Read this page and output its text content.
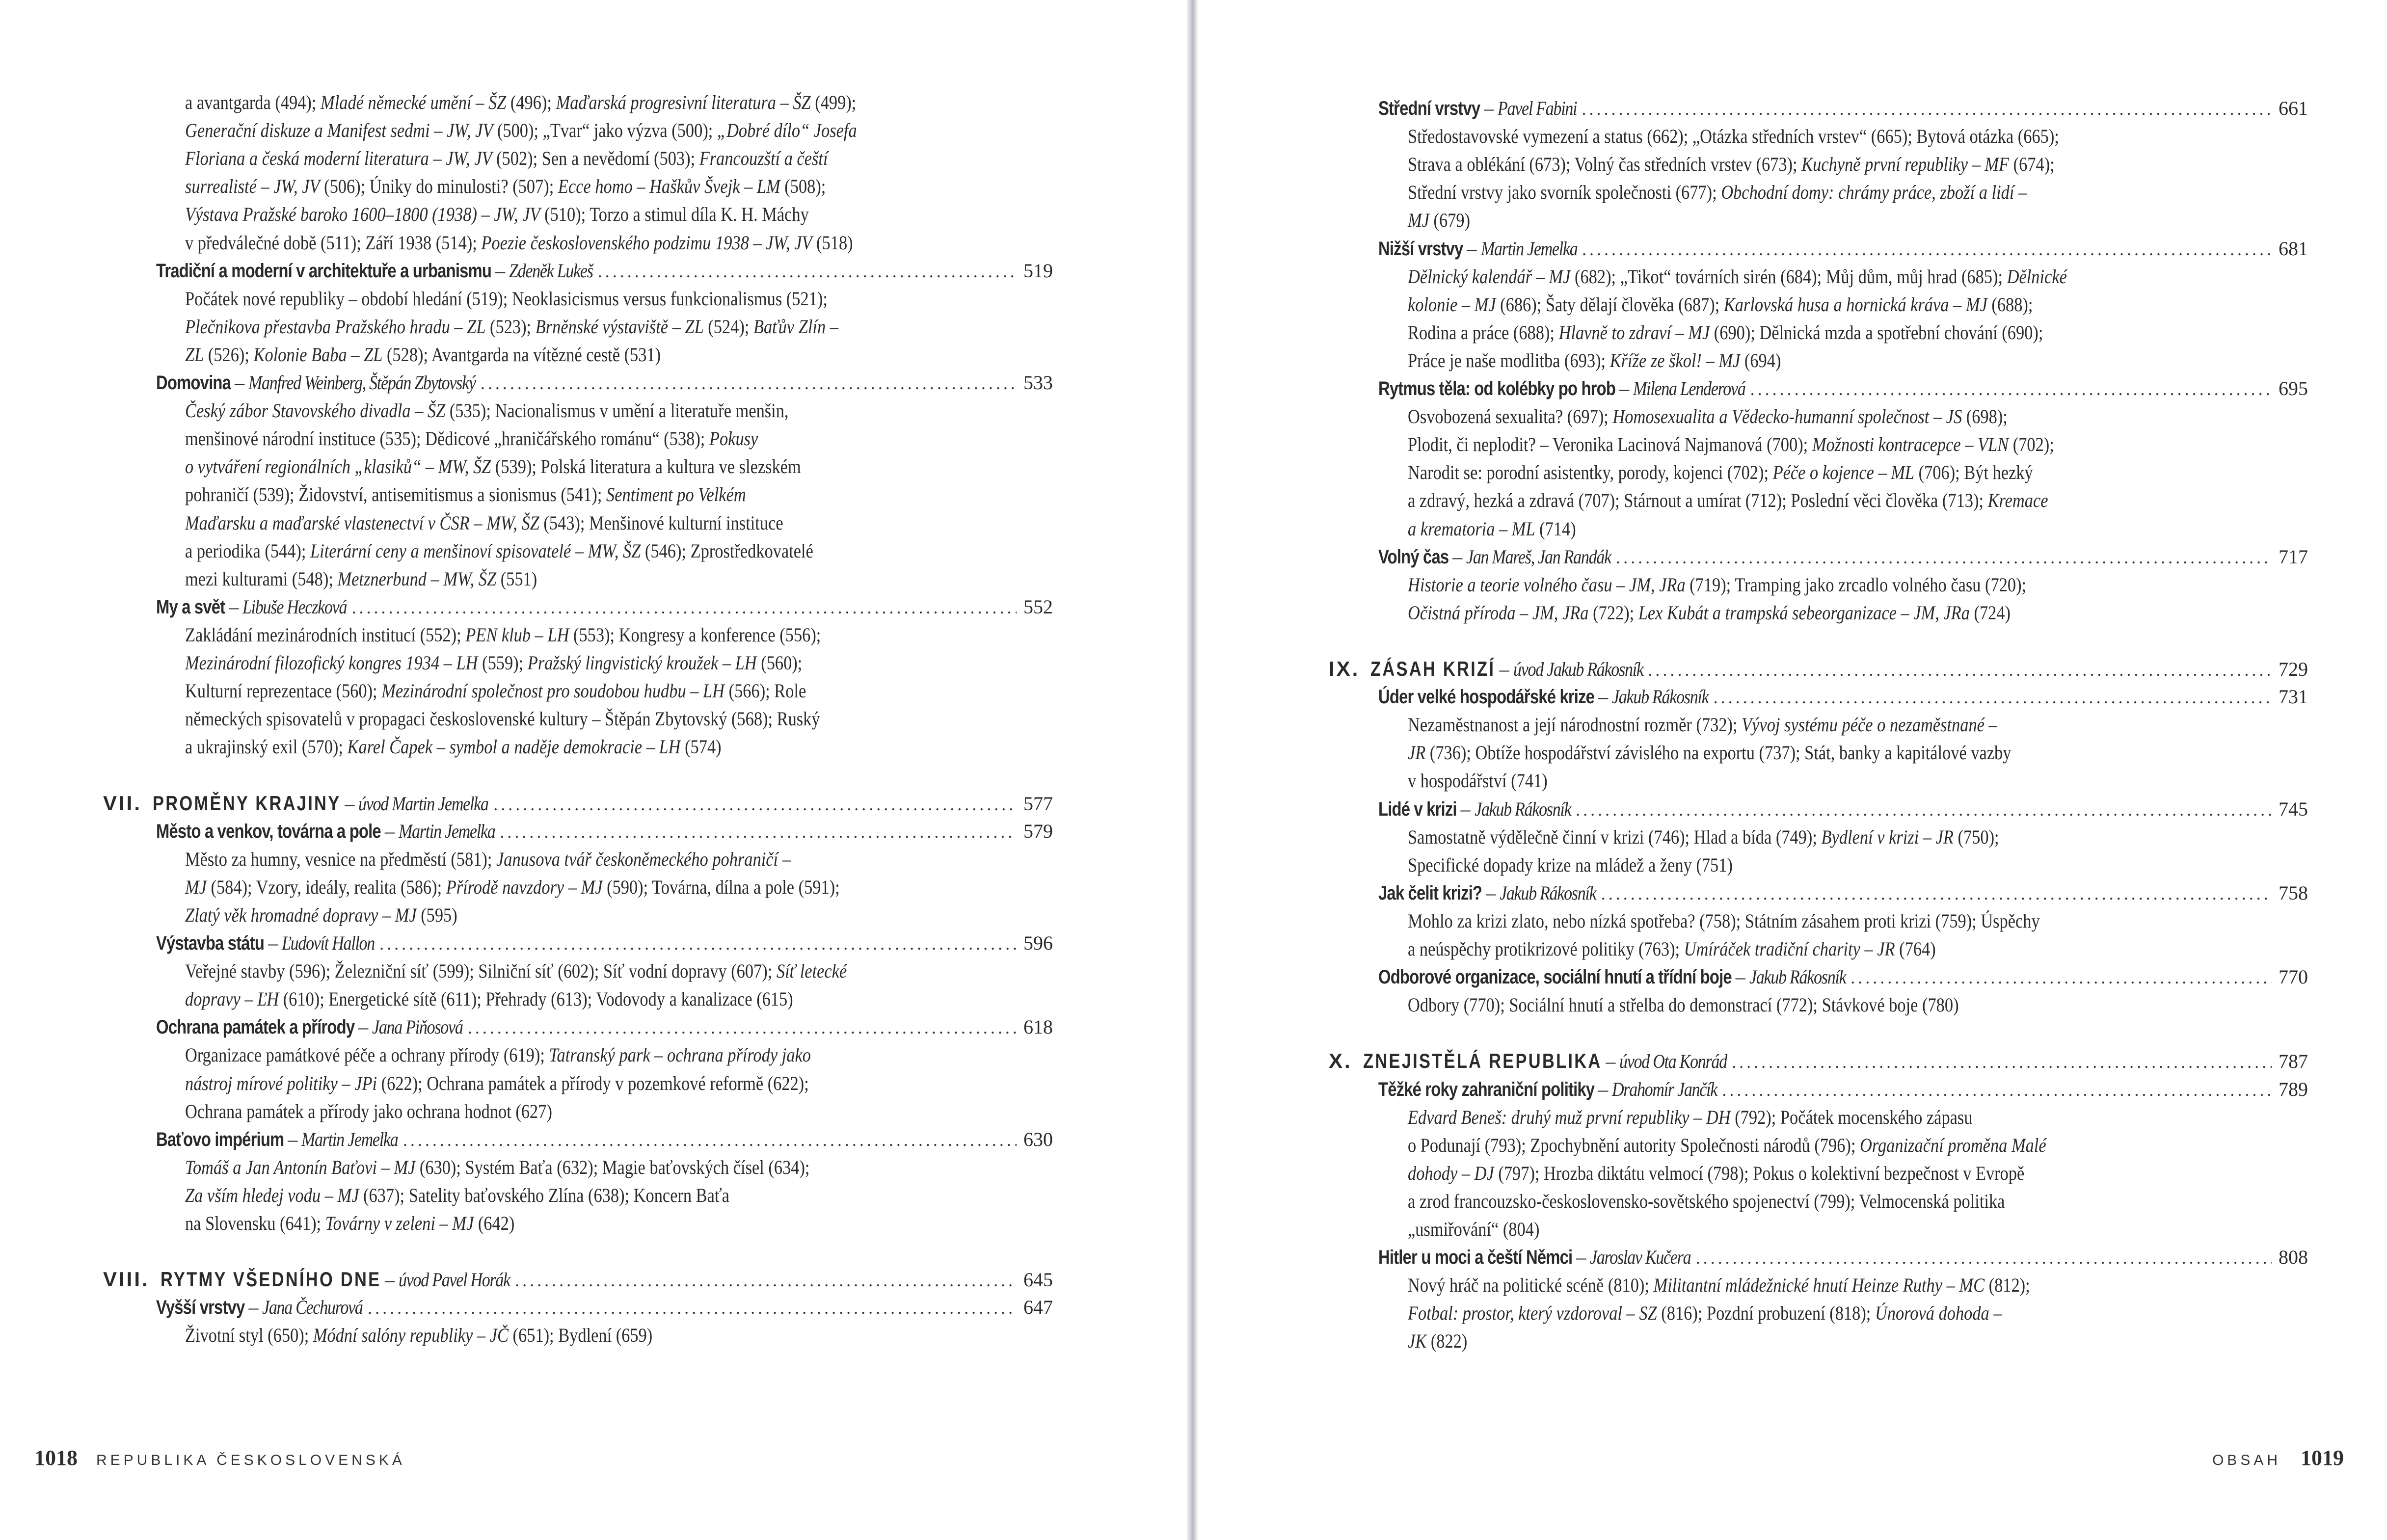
a avantgarda (494); Mladé německé umění – ŠZ (496); Maďarská progresivní literatura – ŠZ (499);
Generační diskuze a Manifest sedmi – JW, JV (500); „Tvar“ jako výzva (500); „Dobré dílo“ Josefa
Floriana a česká moderní literatura – JW, JV (502); Sen a nevědomí (503); Francouzští a čeští
surrealisté – JW, JV (506); Úniky do minulosti? (507); Ecce homo – Haškův Švejk – LM (508);
Výstava Pražské baroko 1600–1800 (1938) – JW, JV (510); Torzo a stimul díla K. H. Máchy
v předválečné době (511); Září 1938 (514); Poezie československého podzimu 1938 – JW, JV (518)
Tradiční a moderní v architektuře a urbanismu – Zdeněk Lukeš .....	519
Počátek nové republiky – období hledání (519); Neoklasicismus versus funkcionalismus (521);
Plečnikova přestavba Pražského hradu – ZL (523); Brněnské výstaviště – ZL (524); Baťův Zlín –
ZL (526); Kolonie Baba – ZL (528); Avantgarda na vítězné cestě (531)
Domovina – Manfred Weinberg, Štěpán Zbytovský .....	533
Český zábor Stavovského divadla – ŠZ (535); Nacionalismus v umění a literatuře menšin,
menšinové národní instituce (535); Dědicové „hraničářského románu“ (538); Pokusy
o vytváření regionálních „klasiků“ – MW, ŠZ (539); Polská literatura a kultura ve slezském
pohraničí (539); Židovství, antisemitismus a sionismus (541); Sentiment po Velkém
Maďarsku a maďarské vlastenectví v ČSR – MW, ŠZ (543); Menšinové kulturní instituce
a periodika (544); Literární ceny a menšinoví spisovatelé – MW, ŠZ (546); Zprostředkovatelé
mezi kulturami (548); Metznerbund – MW, ŠZ (551)
My a svět – Libuše Heczková .....	552
Zakládání mezinárodních institucí (552); PEN klub – LH (553); Kongresy a konference (556);
Mezinárodní filozofický kongres 1934 – LH (559); Pražský lingvistický kroužek – LH (560);
Kulturní reprezentace (560); Mezinárodní společnost pro soudobou hudbu – LH (566); Role
německých spisovatelů v propagaci československé kultury – Štěpán Zbytovský (568); Ruský
a ukrajinský exil (570); Karel Čapek – symbol a naděje demokracie – LH (574)
VII. PROMĚNY KRAJINY – úvod Martin Jemelka .....	577
Město a venkov, továrna a pole – Martin Jemelka .....	579
Město za humny, vesnice na předměstí (581); Janusova tvář českoněmeckého pohraničí –
MJ (584); Vzory, ideály, realita (586); Přírodě navzdory – MJ (590); Továrna, dílna a pole (591);
Zlatý věk hromadné dopravy – MJ (595)
Výstavba státu – Ľudovít Hallon .....	596
Veřejné stavby (596); Železniční síť (599); Silniční síť (602); Síť vodní dopravy (607); Síť letecké
dopravy – ĽH (610); Energetické sítě (611); Přehrady (613); Vodovody a kanalizace (615)
Ochrana památek a přírody – Jana Piňosová .....	618
Organizace památkové péče a ochrany přírody (619); Tatranský park – ochrana přírody jako
nástroj mírové politiky – JPi (622); Ochrana památek a přírody v pozemkové reformě (622);
Ochrana památek a přírody jako ochrana hodnot (627)
Baťovo impérium – Martin Jemelka .....	630
Tomáš a Jan Antonín Baťovi – MJ (630); Systém Baťa (632); Magie baťovských čísel (634);
Za vším hledej vodu – MJ (637); Satelity baťovského Zlína (638); Koncern Baťa
na Slovensku (641); Továrny v zeleni – MJ (642)
VIII. RYTMY VŠEDNÍHO DNE – úvod Pavel Horák .....	645
Vyšší vrstvy – Jana Čechurová .....	647
Životní styl (650); Módní salóny republiky – JČ (651); Bydlení (659)
1018 REPUBLIKA ČESKOSLOVENSKÁ
Střední vrstvy – Pavel Fabini .....	661
Středostavovské vymezení a status (662); „Otázka středních vrstev“ (665); Bytová otázka (665);
Strava a oblékání (673); Volný čas středních vrstev (673); Kuchyně první republiky – MF (674);
Střední vrstvy jako svorník společnosti (677); Obchodní domy: chrámy práce, zboží a lidí –
MJ (679)
Nižší vrstvy – Martin Jemelka .....	681
Dělnický kalendář – MJ (682); „Tikot“ továrních sirén (684); Můj dům, můj hrad (685); Dělnické
kolonie – MJ (686); Šaty dělají člověka (687); Karlovská husa a hornická kráva – MJ (688);
Rodina a práce (688); Hlavně to zdraví – MJ (690); Dělnická mzda a spotřební chování (690);
Práce je naše modlitba (693); Kříže ze škol! – MJ (694)
Rytmus těla: od kolébky po hrob – Milena Lenderová .....	695
Osvobozená sexualita? (697); Homosexualita a Vědecko-humanní společnost – JS (698);
Plodit, či neplodit? – Veronika Lacinová Najmanová (700); Možnosti kontracepce – VLN (702);
Narodit se: porodní asistentky, porody, kojenci (702); Péče o kojence – ML (706); Být hezký
a zdravý, hezká a zdravá (707); Stárnout a umírat (712); Poslední věci člověka (713); Kremace
a krematoria – ML (714)
Volný čas – Jan Mareš, Jan Randák .....	717
Historie a teorie volného času – JM, JRa (719); Tramping jako zrcadlo volného času (720);
Očistná příroda – JM, JRa (722); Lex Kubát a trampská sebeorganizace – JM, JRa (724)
IX. ZÁSAH KRIZÍ – úvod Jakub Rákosník .....	729
Úder velké hospodářské krize – Jakub Rákosník .....	731
Nezaměstnanost a její národnostní rozměr (732); Vývoj systému péče o nezaměstnané –
JR (736); Obtíže hospodářství závislého na exportu (737); Stát, banky a kapitálové vazby
v hospodářství (741)
Lidé v krizi – Jakub Rákosník .....	745
Samostatně výdělečně činní v krizi (746); Hlad a bída (749); Bydlení v krizi – JR (750);
Specifické dopady krize na mládež a ženy (751)
Jak čelit krizi? – Jakub Rákosník .....	758
Mohlo za krizi zlato, nebo nízká spotřeba? (758); Státním zásahem proti krizi (759); Úspěchy
a neúspěchy protikrizové politiky (763); Umíráček tradiční charity – JR (764)
Odborové organizace, sociální hnutí a třídní boje – Jakub Rákosník .....	770
Odbory (770); Sociální hnutí a střelba do demonstrací (772); Stávkové boje (780)
X. ZNEJISTĚLÁ REPUBLIKA – úvod Ota Konrád .....	787
Těžké roky zahraniční politiky – Drahomír Jančík .....	789
Edvard Beneš: druhý muž první republiky – DH (792); Počátek mocenského zápasu
o Podunají (793); Zpochybnění autority Společnosti národů (796); Organizační proměna Malé
dohody – DJ (797); Hrozba diktátu velmocí (798); Pokus o kolektivní bezpečnost v Evropě
a zrod francouzsko-československo-sovětského spojenectví (799); Velmocenská politika
„usmiřování“ (804)
Hitler u moci a čeští Němci – Jaroslav Kučera .....	808
Nový hráč na politické scéně (810); Militantní mládežnické hnutí Heinze Ruthy – MC (812);
Fotbal: prostor, který vzdoroval – SZ (816); Pozdní probuzení (818); Únorová dohoda –
JK (822)
OBSAH 1019
